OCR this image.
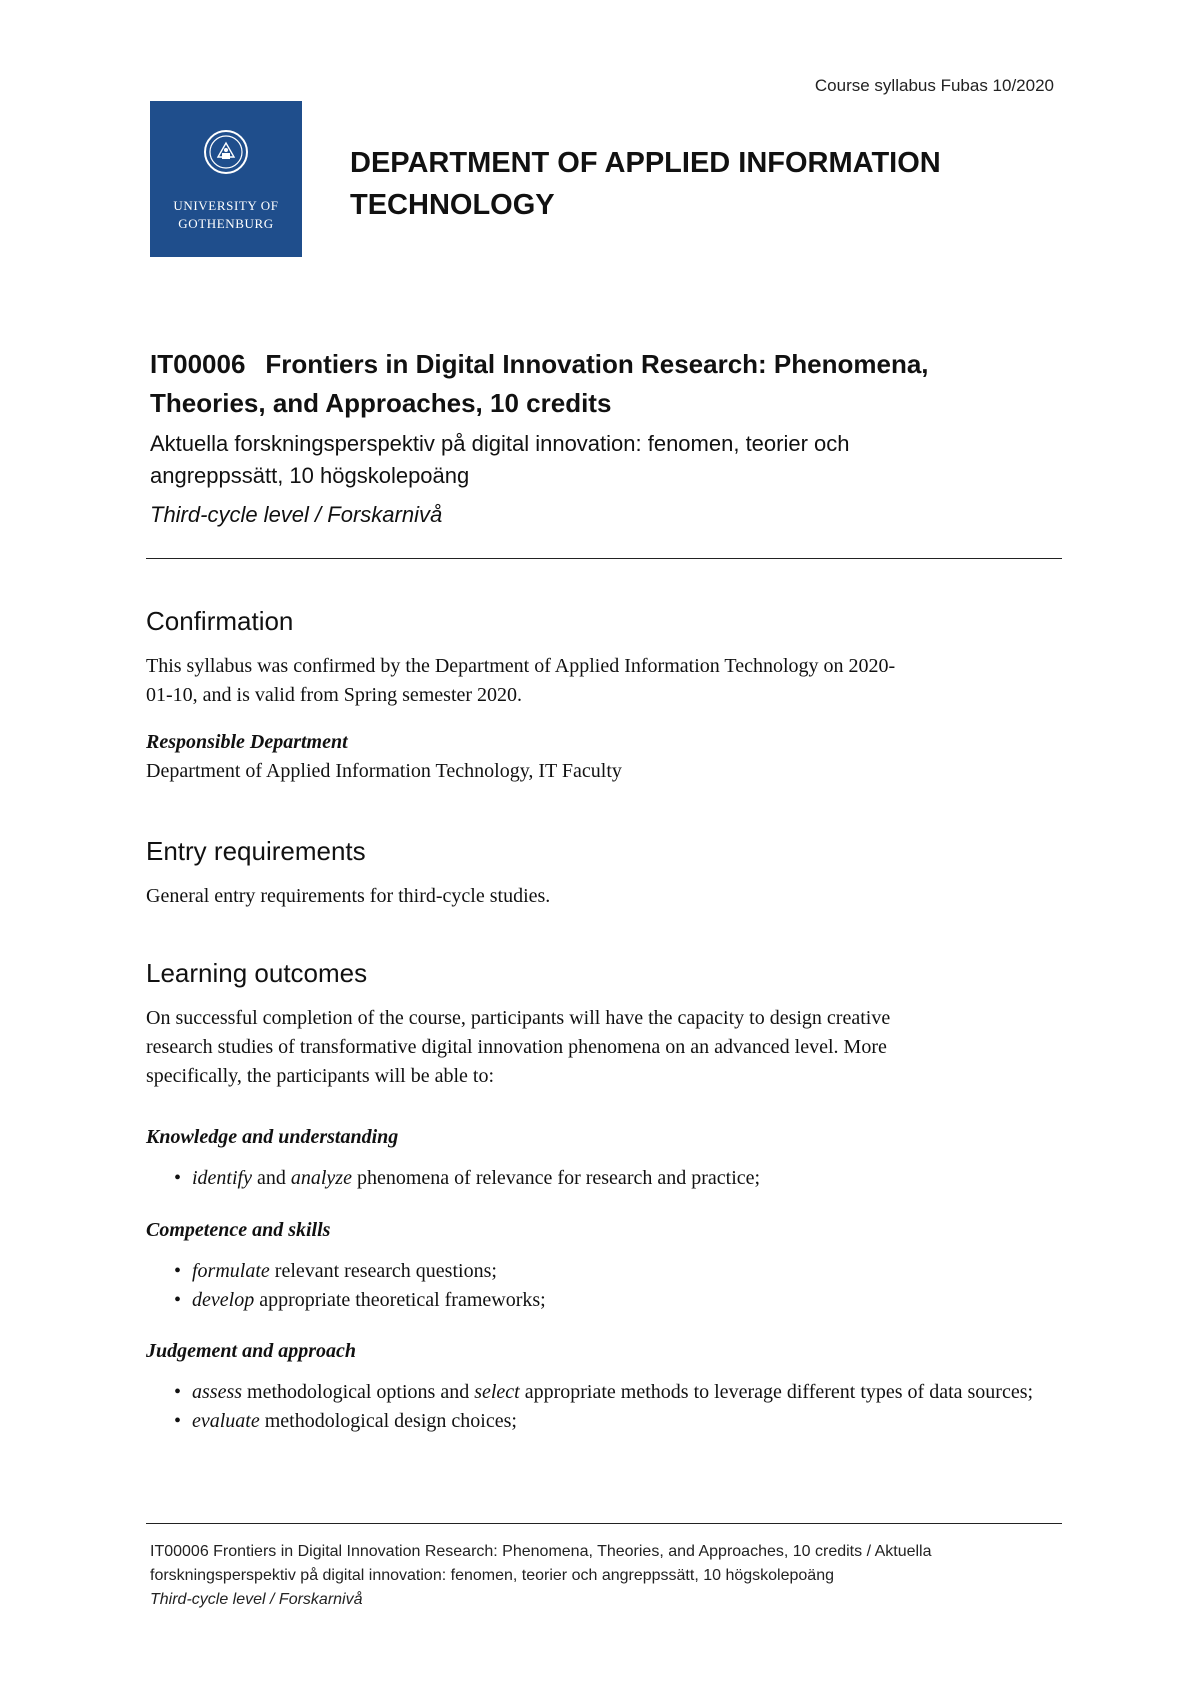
Course syllabus Fubas 10/2020
UNIVERSITY OF
GOTHENBURG
DEPARTMENT OF APPLIED INFORMATION
TECHNOLOGY
IT00006 Frontiers in Digital Innovation Research: Phenomena,
Theories, and Approaches, 10 credits
Aktuella forskningsperspektiv på digital innovation: fenomen, teorier och
angreppssätt, 10 högskolepoäng
Third-cycle level / Forskarnivå
Confirmation
This syllabus was confirmed by the Department of Applied Information Technology on 2020-
01-10, and is valid from Spring semester 2020.
Responsible Department
Department of Applied Information Technology, IT Faculty
Entry requirements
General entry requirements for third-cycle studies.
Learning outcomes
On successful completion of the course, participants will have the capacity to design creative
research studies of transformative digital innovation phenomena on an advanced level. More
specifically, the participants will be able to:
Knowledge and understanding
• identify and analyze phenomena of relevance for research and practice;
Competence and skills
• formulate relevant research questions;
• develop appropriate theoretical frameworks;
Judgement and approach
• assess methodological options and select appropriate methods to leverage different types of data sources;
• evaluate methodological design choices;
IT00006 Frontiers in Digital Innovation Research: Phenomena, Theories, and Approaches, 10 credits / Aktuella
forskningsperspektiv på digital innovation: fenomen, teorier och angreppssätt, 10 högskolepoäng
Third-cycle level / Forskarnivå
